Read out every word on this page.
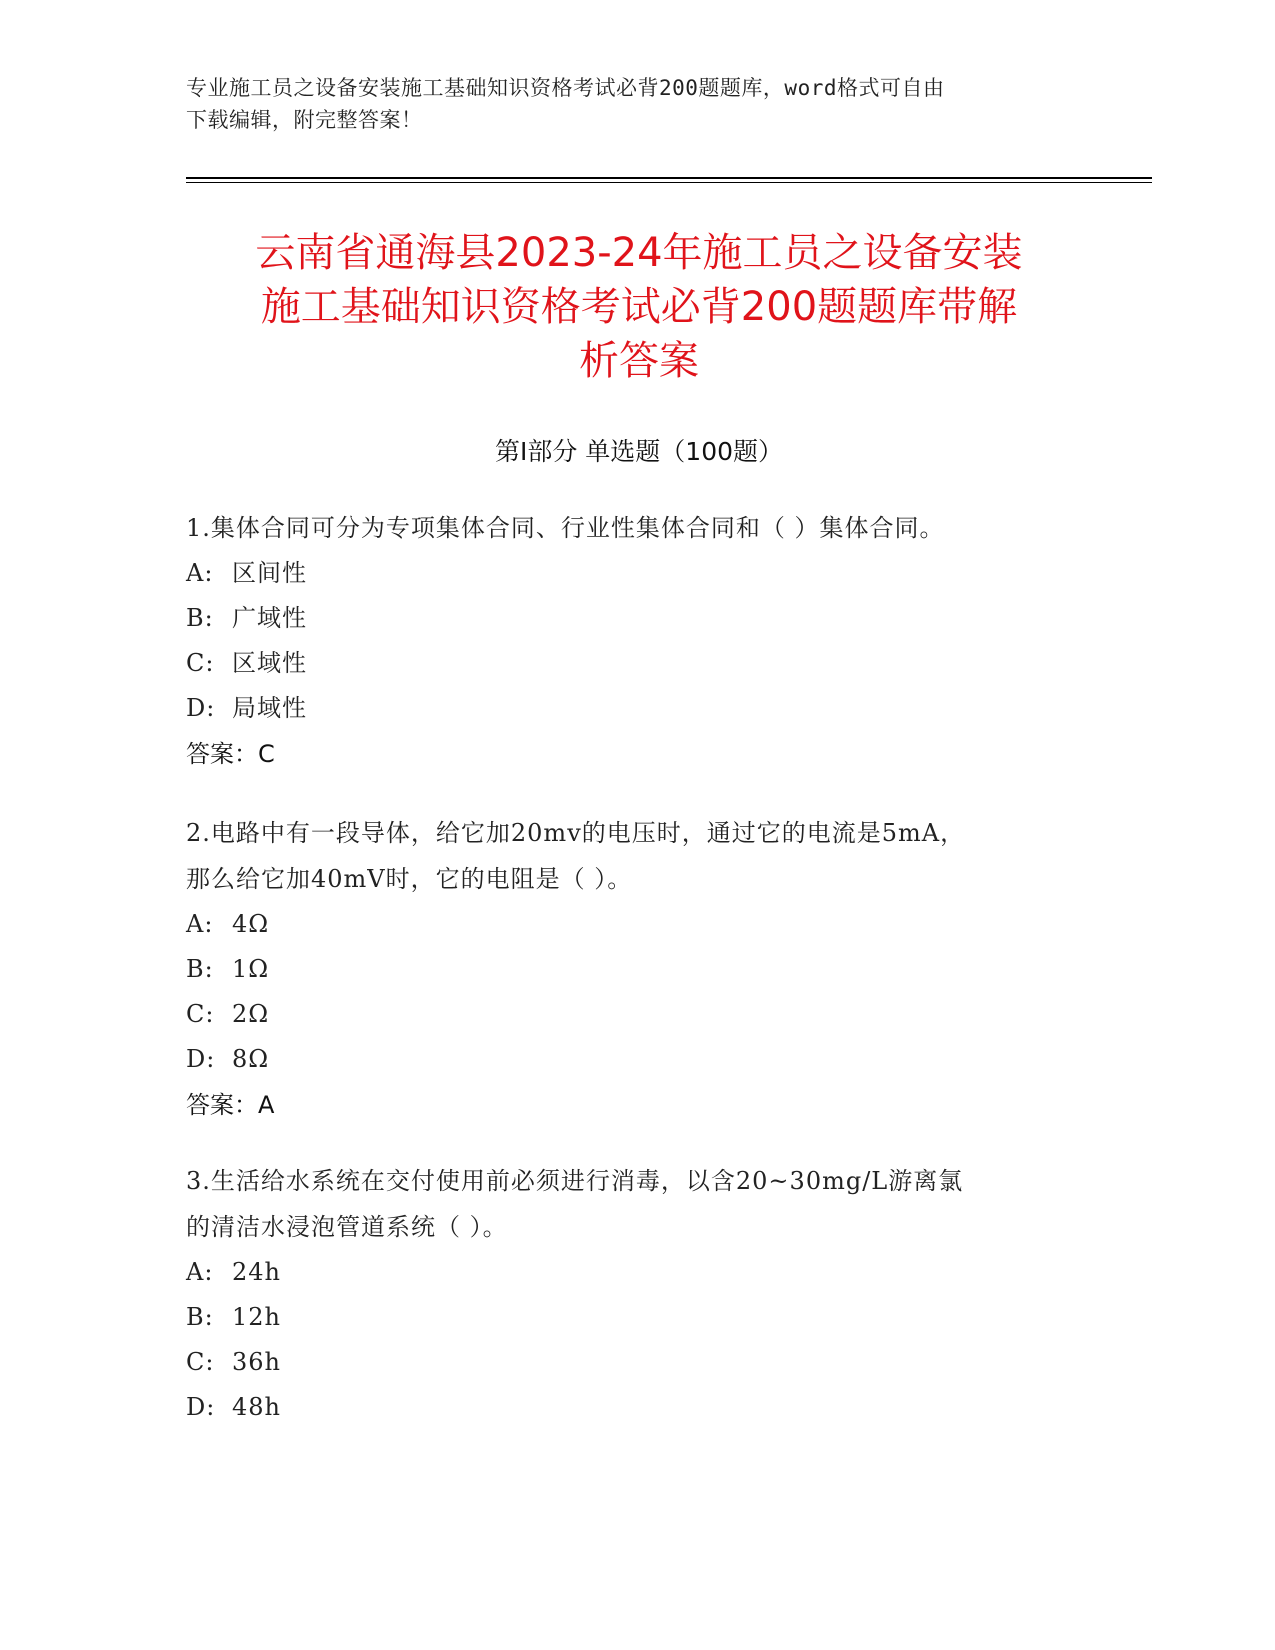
专业施工员之设备安装施工基础知识资格考试必背200题题库，word格式可自由
下载编辑，附完整答案！
云南省通海县2023-24年施工员之设备安装
施工基础知识资格考试必背200题题库带解
析答案
第Ⅰ部分 单选题（100题）
1.集体合同可分为专项集体合同、行业性集体合同和（ ）集体合同。
A: 区间性
B: 广域性
C: 区域性
D: 局域性
答案：C
2.电路中有一段导体，给它加20mv的电压时，通过它的电流是5mA，
那么给它加40mV时，它的电阻是（ ）。
A: 4Ω
B: 1Ω
C: 2Ω
D: 8Ω
答案：A
3.生活给水系统在交付使用前必须进行消毒，以含20~30mg/L游离氯
的清洁水浸泡管道系统（ ）。
A: 24h
B: 12h
C: 36h
D: 48h
